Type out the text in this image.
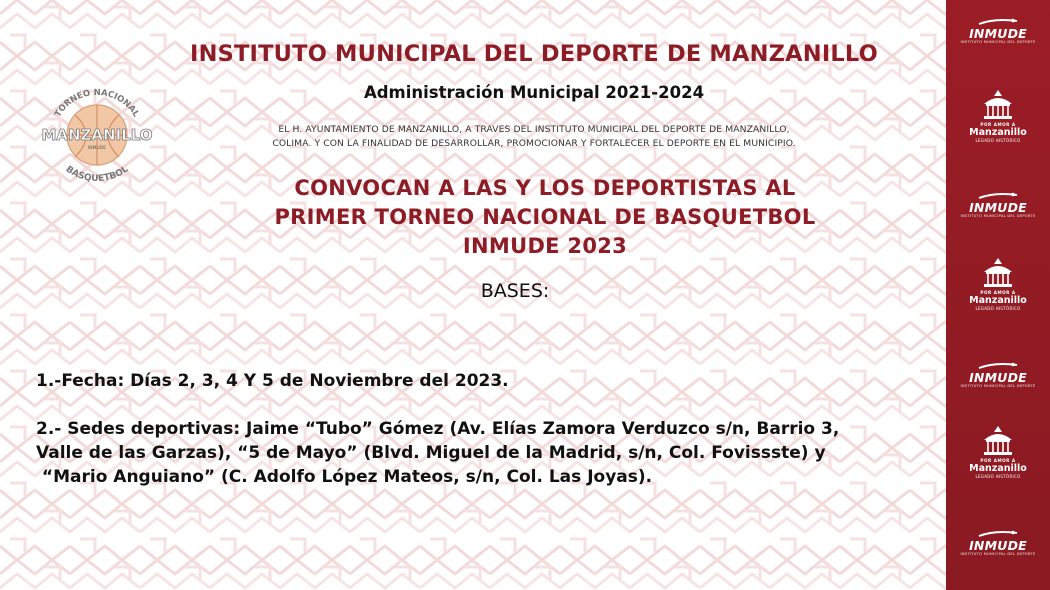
TORNEO NACIONAL
BASQUETBOL
MANZANILLO
INMUDE
INSTITUTO MUNICIPAL DEL DEPORTE DE MANZANILLO
Administración Municipal 2021-2024
EL H. AYUNTAMIENTO DE MANZANILLO, A TRAVES DEL INSTITUTO MUNICIPAL DEL DEPORTE DE MANZANILLO,
COLIMA. Y CON LA FINALIDAD DE DESARROLLAR, PROMOCIONAR Y FORTALECER EL DEPORTE EN EL MUNICIPIO.
CONVOCAN A LAS Y LOS DEPORTISTAS AL
PRIMER TORNEO NACIONAL DE BASQUETBOL
INMUDE 2023
BASES:
1.-Fecha: Días 2, 3, 4 Y 5 de Noviembre del 2023.
2.- Sedes deportivas: Jaime “Tubo” Gómez (Av. Elías Zamora Verduzco s/n, Barrio 3,
Valle de las Garzas), “5 de Mayo” (Blvd. Miguel de la Madrid, s/n, Col. Fovissste) y
“Mario Anguiano” (C. Adolfo López Mateos, s/n, Col. Las Joyas).
INMUDE
INSTITUTO MUNICIPAL DEL DEPORTE
POR AMOR A
Manzanillo
LEGADO HISTÓRICO
INMUDE
INSTITUTO MUNICIPAL DEL DEPORTE
POR AMOR A
Manzanillo
LEGADO HISTÓRICO
INMUDE
INSTITUTO MUNICIPAL DEL DEPORTE
POR AMOR A
Manzanillo
LEGADO HISTÓRICO
INMUDE
INSTITUTO MUNICIPAL DEL DEPORTE
